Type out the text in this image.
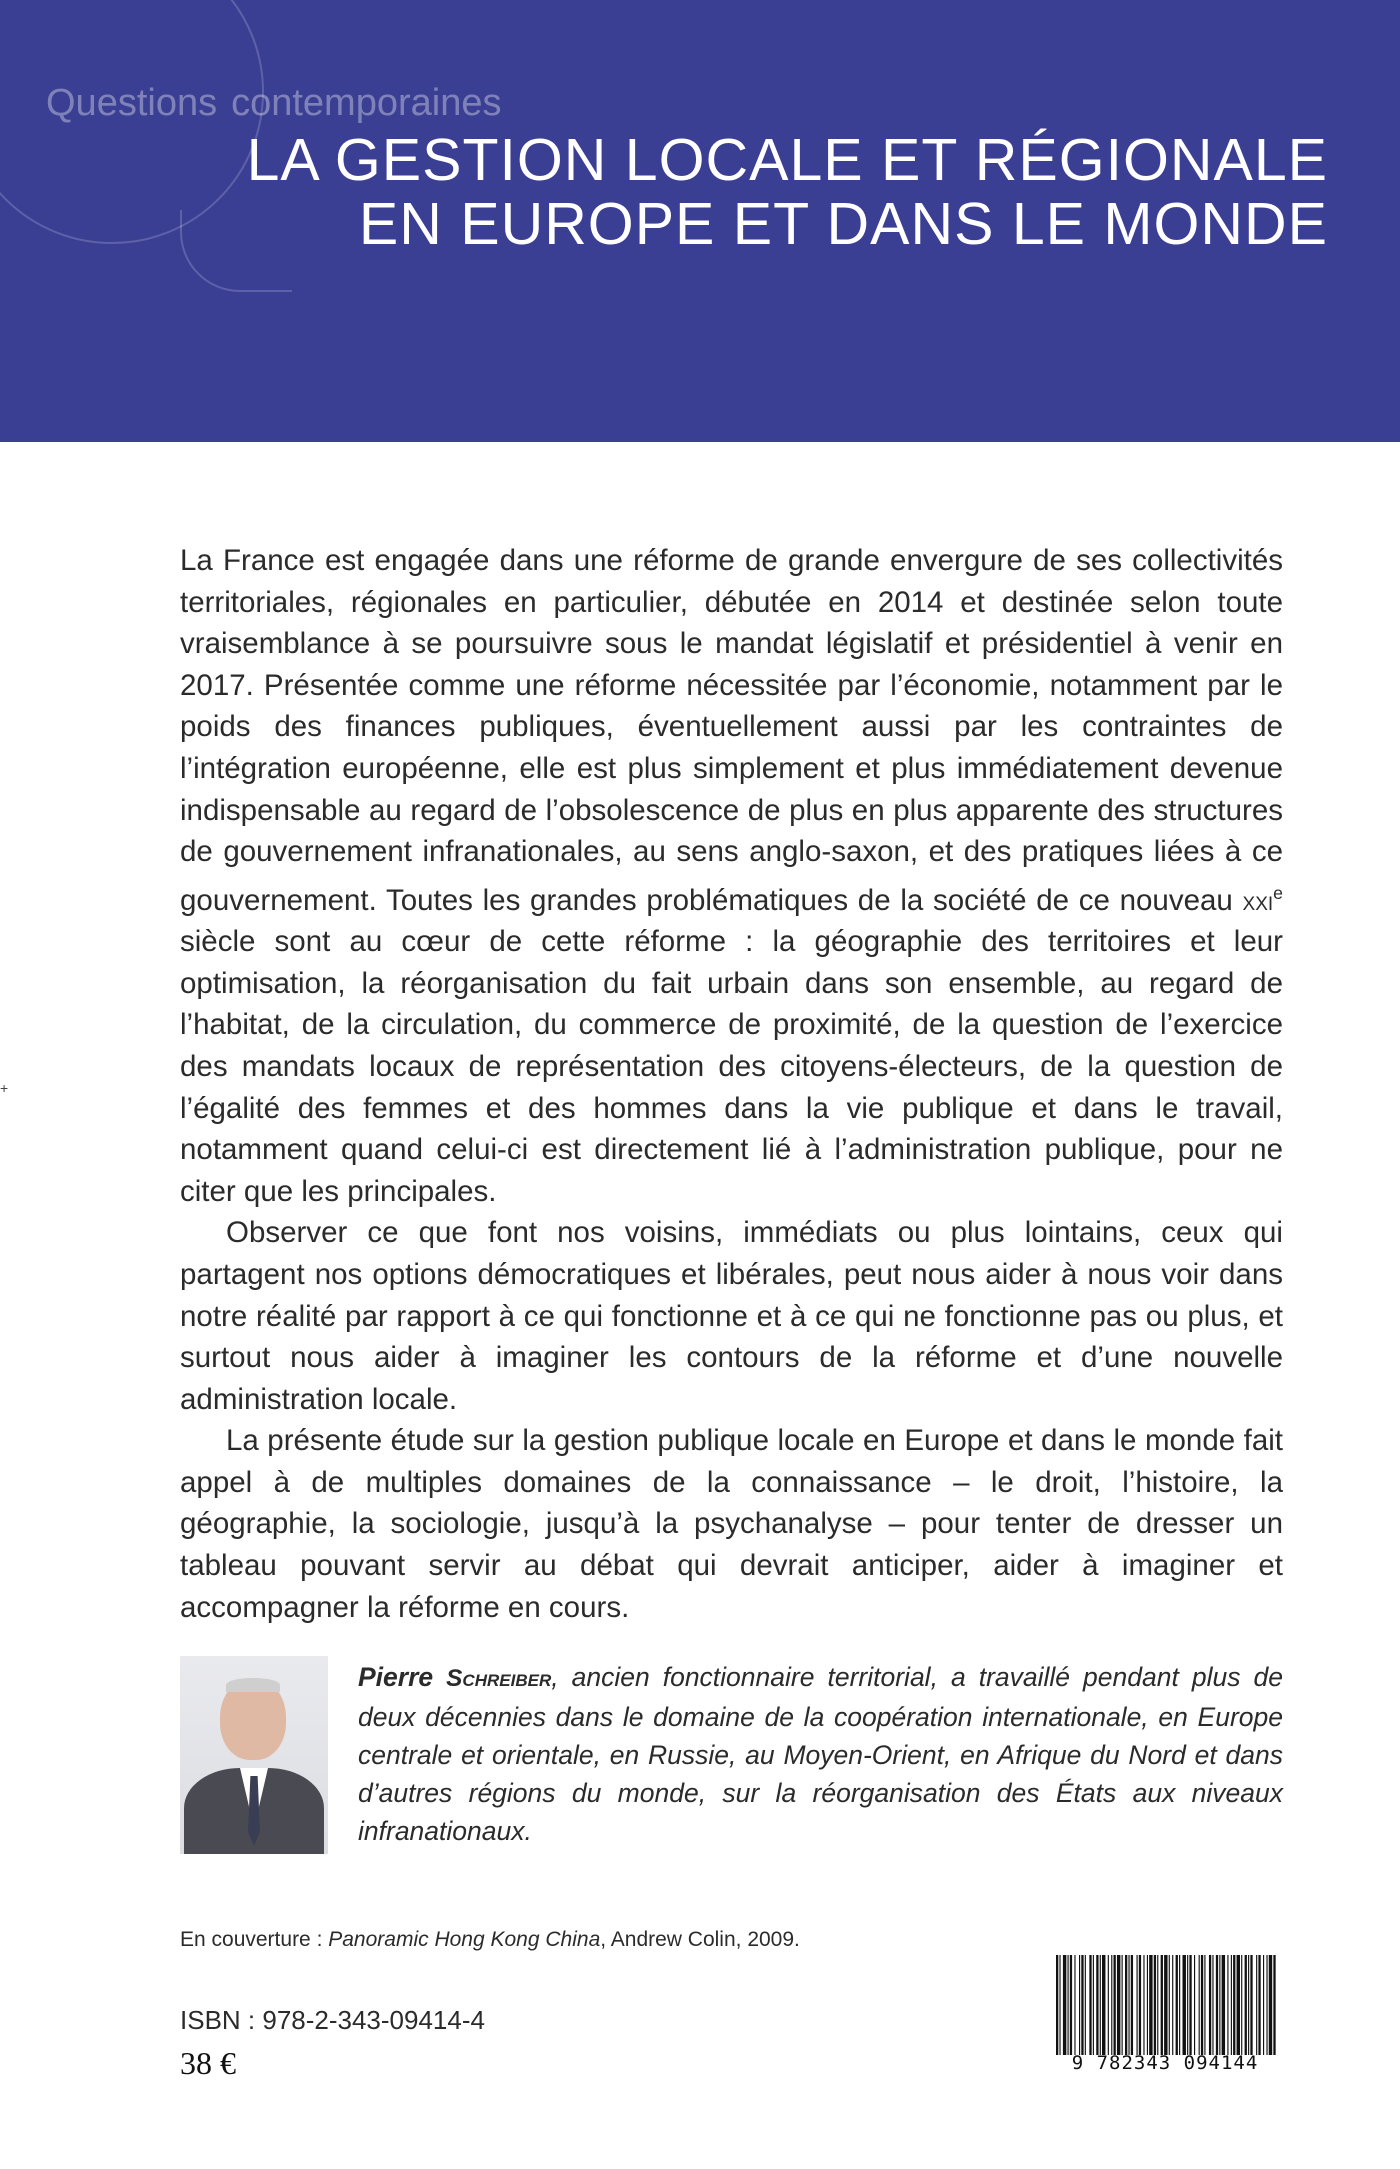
Questions contemporaines
LA GESTION LOCALE ET RÉGIONALE
EN EUROPE ET DANS LE MONDE

La France est engagée dans une réforme de grande envergure de ses collectivités territoriales, régionales en particulier, débutée en 2014 et destinée selon toute vraisemblance à se poursuivre sous le mandat législatif et présidentiel à venir en 2017. Présentée comme une réforme nécessitée par l’économie, notamment par le poids des finances publiques, éventuellement aussi par les contraintes de l’intégration européenne, elle est plus simplement et plus immédiatement devenue indispensable au regard de l’obsolescence de plus en plus apparente des structures de gouvernement infranationales, au sens anglo-saxon, et des pratiques liées à ce gouvernement. Toutes les grandes problématiques de la société de ce nouveau xxi$^e$ siècle sont au cœur de cette réforme : la géographie des territoires et leur optimisation, la réorganisation du fait urbain dans son ensemble, au regard de l’habitat, de la circulation, du commerce de proximité, de la question de l’exercice des mandats locaux de représentation des citoyens-électeurs, de la question de l’égalité des femmes et des hommes dans la vie publique et dans le travail, notamment quand celui-ci est directement lié à l’administration publique, pour ne citer que les principales.

Observer ce que font nos voisins, immédiats ou plus lointains, ceux qui partagent nos options démocratiques et libérales, peut nous aider à nous voir dans notre réalité par rapport à ce qui fonctionne et à ce qui ne fonctionne pas ou plus, et surtout nous aider à imaginer les contours de la réforme et d’une nouvelle administration locale.

La présente étude sur la gestion publique locale en Europe et dans le monde fait appel à de multiples domaines de la connaissance – le droit, l’histoire, la géographie, la sociologie, jusqu’à la psychanalyse – pour tenter de dresser un tableau pouvant servir au débat qui devrait anticiper, aider à imaginer et accompagner la réforme en cours.

Pierre Schreiber, ancien fonctionnaire territorial, a travaillé pendant plus de deux décennies dans le domaine de la coopération internationale, en Europe centrale et orientale, en Russie, au Moyen-Orient, en Afrique du Nord et dans d’autres régions du monde, sur la réorganisation des États aux niveaux infranationaux.
En couverture : Panoramic Hong Kong China, Andrew Colin, 2009.
ISBN : 978-2-343-09414-4
38 €	9 782343 094144
+
